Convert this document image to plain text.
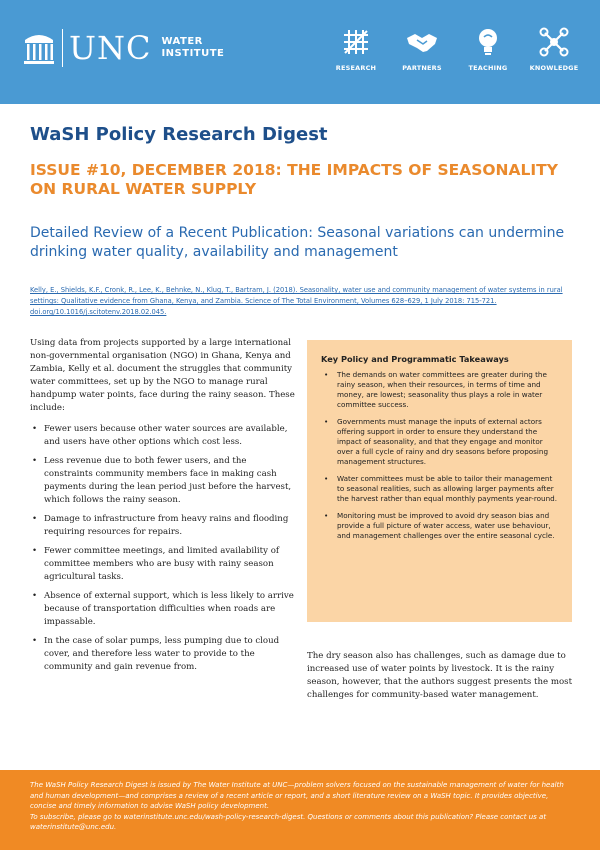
UNC WATER
INSTITUTE
RESEARCH	PARTNERS	TEACHING	KNOWLEDGE
WaSH Policy Research Digest
ISSUE #10, DECEMBER 2018: THE IMPACTS OF SEASONALITY ON RURAL WATER SUPPLY
Detailed Review of a Recent Publication: Seasonal variations can undermine drinking water quality, availability and management
Kelly, E., Shields, K.F., Cronk, R., Lee, K., Behnke, N., Klug, T., Bartram, J. (2018). Seasonality, water use and community management of water systems in rural settings: Qualitative evidence from Ghana, Kenya, and Zambia. Science of The Total Environment, Volumes 628–629, 1 July 2018: 715-721. doi.org/10.1016/j.scitotenv.2018.02.045.

Using data from projects supported by a large international non-governmental organisation (NGO) in Ghana, Kenya and Zambia, Kelly et al. document the struggles that community water committees, set up by the NGO to manage rural handpump water points, face during the rainy season. These include:

• Fewer users because other water sources are available, and users have other options which cost less.
• Less revenue due to both fewer users, and the constraints community members face in making cash payments during the lean period just before the harvest, which follows the rainy season.
• Damage to infrastructure from heavy rains and flooding requiring resources for repairs.
• Fewer committee meetings, and limited availability of committee members who are busy with rainy season agricultural tasks.
• Absence of external support, which is less likely to arrive because of transportation difficulties when roads are impassable.
• In the case of solar pumps, less pumping due to cloud cover, and therefore less water to provide to the community and gain revenue from.
Key Policy and Programmatic Takeaways
• The demands on water committees are greater during the rainy season, when their resources, in terms of time and money, are lowest; seasonality thus plays a role in water committee success.
• Governments must manage the inputs of external actors offering support in order to ensure they understand the impact of seasonality, and that they engage and monitor over a full cycle of rainy and dry seasons before proposing management structures.
• Water committees must be able to tailor their management to seasonal realities, such as allowing larger payments after the harvest rather than equal monthly payments year-round.
• Monitoring must be improved to avoid dry season bias and provide a full picture of water access, water use behaviour, and management challenges over the entire seasonal cycle.
The dry season also has challenges, such as damage due to increased use of water points by livestock. It is the rainy season, however, that the authors suggest presents the most challenges for community-based water management.

The WaSH Policy Research Digest is issued by The Water Institute at UNC—problem solvers focused on the sustainable management of water for health and human development—and comprises a review of a recent article or report, and a short literature review on a WaSH topic. It provides objective, concise and timely information to advise WaSH policy development.

To subscribe, please go to waterinstitute.unc.edu/wash-policy-research-digest. Questions or comments about this publication? Please contact us at waterinstitute@unc.edu.
